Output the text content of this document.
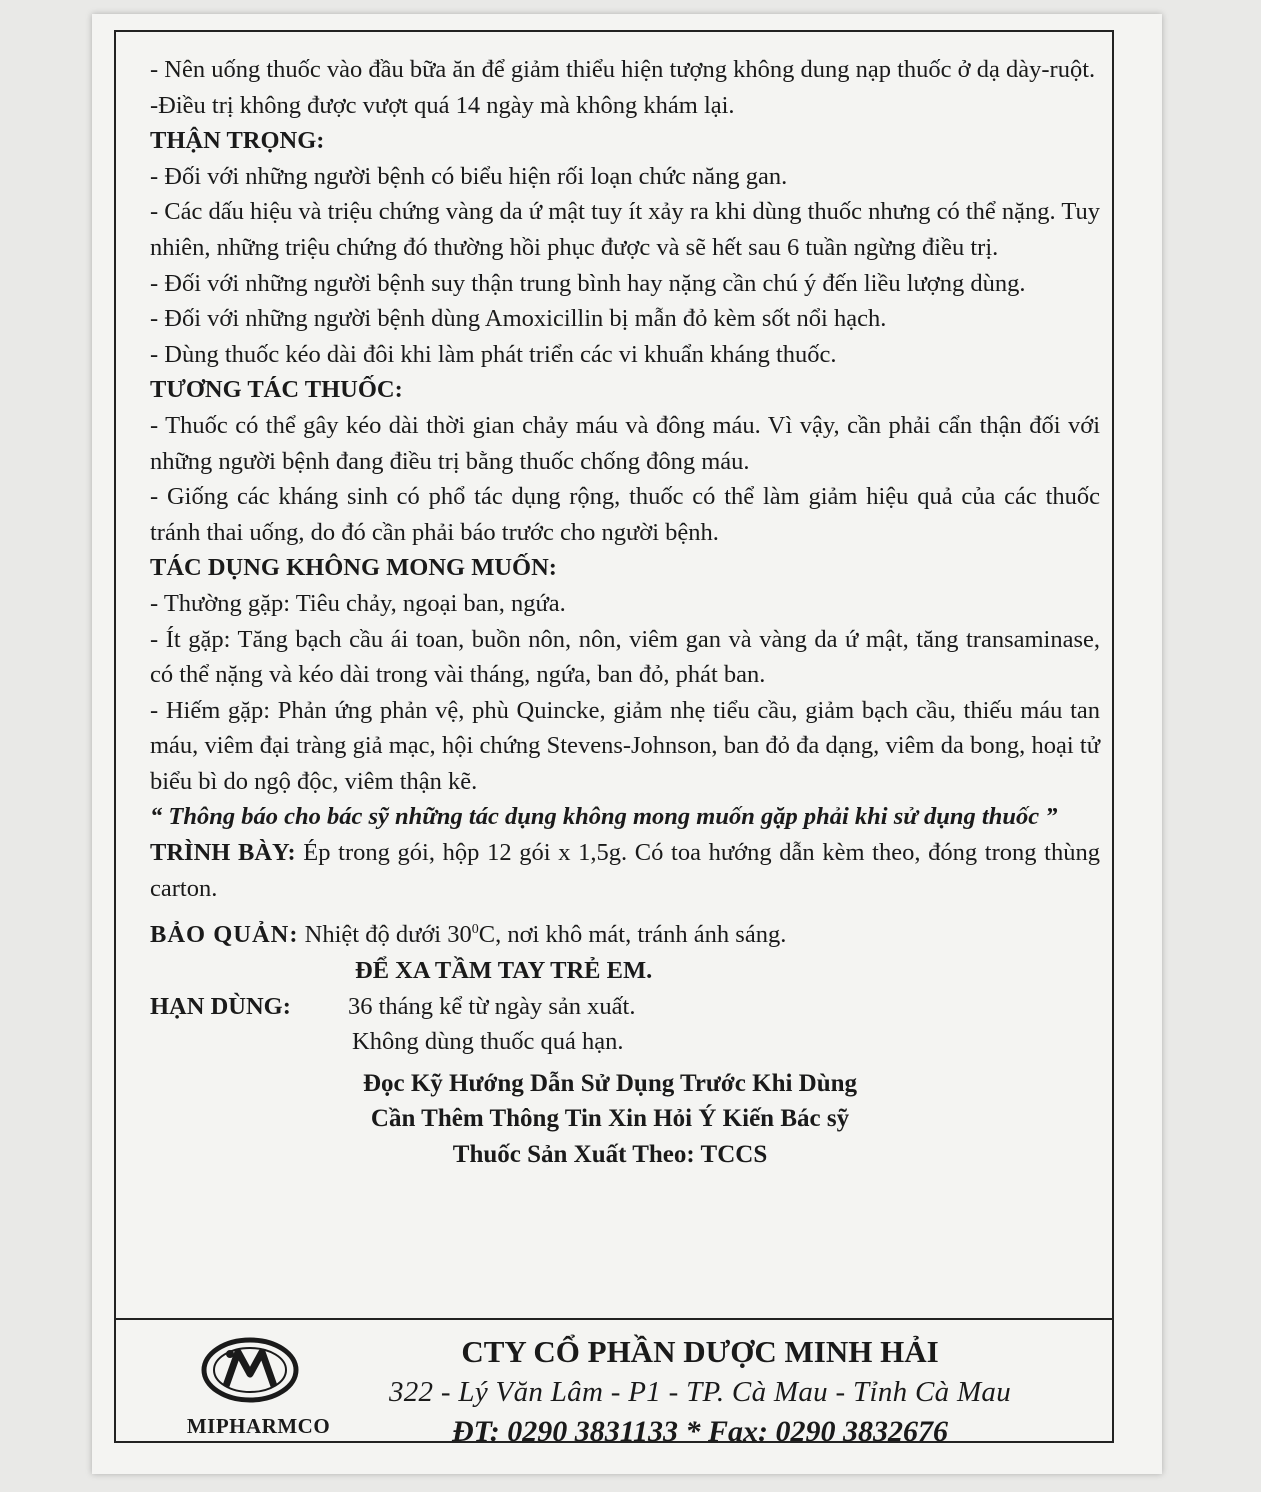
- Nên uống thuốc vào đầu bữa ăn để giảm thiểu hiện tượng không dung nạp thuốc ở dạ dày-ruột.

-Điều trị không được vượt quá 14 ngày mà không khám lại.

THẬN TRỌNG:

- Đối với những người bệnh có biểu hiện rối loạn chức năng gan.

- Các dấu hiệu và triệu chứng vàng da ứ mật tuy ít xảy ra khi dùng thuốc nhưng có thể nặng. Tuy nhiên, những triệu chứng đó thường hồi phục được và sẽ hết sau 6 tuần ngừng điều trị.

- Đối với những người bệnh suy thận trung bình hay nặng cần chú ý đến liều lượng dùng.

- Đối với những người bệnh dùng Amoxicillin bị mẫn đỏ kèm sốt nổi hạch.

- Dùng thuốc kéo dài đôi khi làm phát triển các vi khuẩn kháng thuốc.

TƯƠNG TÁC THUỐC:

- Thuốc có thể gây kéo dài thời gian chảy máu và đông máu. Vì vậy, cần phải cẩn thận đối với những người bệnh đang điều trị bằng thuốc chống đông máu.

- Giống các kháng sinh có phổ tác dụng rộng, thuốc có thể làm giảm hiệu quả của các thuốc tránh thai uống, do đó cần phải báo trước cho người bệnh.

TÁC DỤNG KHÔNG MONG MUỐN:

- Thường gặp: Tiêu chảy, ngoại ban, ngứa.

- Ít gặp: Tăng bạch cầu ái toan, buồn nôn, nôn, viêm gan và vàng da ứ mật, tăng transaminase, có thể nặng và kéo dài trong vài tháng, ngứa, ban đỏ, phát ban.

- Hiếm gặp: Phản ứng phản vệ, phù Quincke, giảm nhẹ tiểu cầu, giảm bạch cầu, thiếu máu tan máu, viêm đại tràng giả mạc, hội chứng Stevens-Johnson, ban đỏ đa dạng, viêm da bong, hoại tử biểu bì do ngộ độc, viêm thận kẽ.

“ Thông báo cho bác sỹ những tác dụng không mong muốn gặp phải khi sử dụng thuốc ”

TRÌNH BÀY: Ép trong gói, hộp 12 gói x 1,5g. Có toa hướng dẫn kèm theo, đóng trong thùng carton.

BẢO QUẢN: Nhiệt độ dưới $30^0C$, nơi khô mát, tránh ánh sáng.

ĐỂ XA TẦM TAY TRẺ EM.

HẠN DÙNG:	36 tháng kể từ ngày sản xuất.

Không dùng thuốc quá hạn.

Đọc Kỹ Hướng Dẫn Sử Dụng Trước Khi Dùng

Cần Thêm Thông Tin Xin Hỏi Ý Kiến Bác sỹ

Thuốc Sản Xuất Theo: TCCS

MIPHARMCO
CTY CỔ PHẦN DƯỢC MINH HẢI
322 - Lý Văn Lâm - P1 - TP. Cà Mau - Tỉnh Cà Mau
ĐT: 0290 3831133 * Fax: 0290 3832676
